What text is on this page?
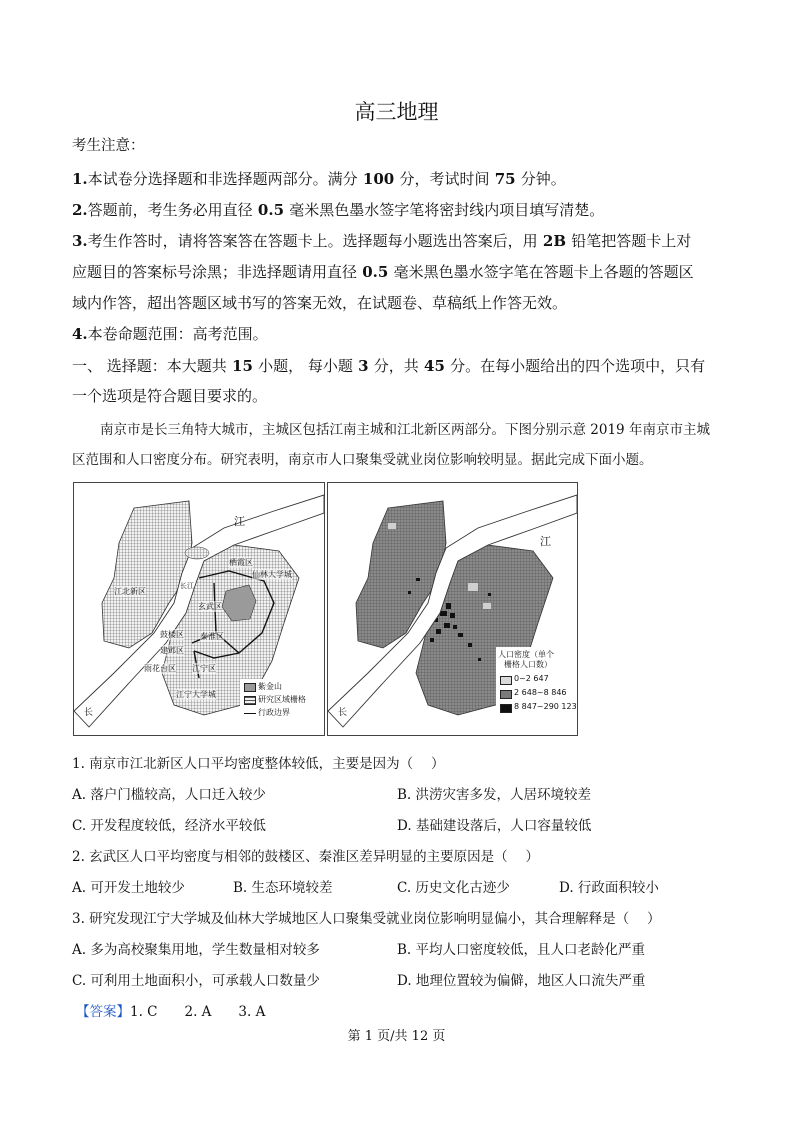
高三地理
考生注意：
1.本试卷分选择题和非选择题两部分。满分 100 分，考试时间 75 分钟。
2.答题前，考生务必用直径 0.5 毫米黑色墨水签字笔将密封线内项目填写清楚。
3.考生作答时，请将答案答在答题卡上。选择题每小题选出答案后，用 2B 铅笔把答题卡上对
应题目的答案标号涂黑；非选择题请用直径 0.5 毫米黑色墨水签字笔在答题卡上各题的答题区
域内作答，超出答题区域书写的答案无效，在试题卷、草稿纸上作答无效。
4.本卷命题范围：高考范围。
一、 选择题：本大题共 15 小题， 每小题 3 分，共 45 分。在每小题给出的四个选项中，只有
一个选项是符合题目要求的。
南京市是长三角特大城市，主城区包括江南主城和江北新区两部分。下图分别示意 2019 年南京市主城
区范围和人口密度分布。研究表明，南京市人口聚集受就业岗位影响较明显。据此完成下面小题。
江
长
江北新区
栖霞区
仙林大学城
玄武区
鼓楼区 秦淮区
建邺区
雨花台区 江宁区
江宁大学城
长江
紫金山
研究区域栅格
行政边界
江
长
人口密度（单个
栅格人口数）
0~2 647
2 648~8 846
8 847~290 123
1. 南京市江北新区人口平均密度整体较低，主要是因为（　 ）
A. 落户门槛较高，人口迁入较少	B. 洪涝灾害多发，人居环境较差
C. 开发程度较低，经济水平较低	D. 基础建设落后，人口容量较低
2. 玄武区人口平均密度与相邻的鼓楼区、秦淮区差异明显的主要原因是（　 ）
A. 可开发土地较少	B. 生态环境较差	C. 历史文化古迹少	D. 行政面积较小
3. 研究发现江宁大学城及仙林大学城地区人口聚集受就业岗位影响明显偏小，其合理解释是（　 ）
A. 多为高校聚集用地，学生数量相对较多	B. 平均人口密度较低，且人口老龄化严重
C. 可利用土地面积小，可承载人口数量少	D. 地理位置较为偏僻，地区人口流失严重
【答案】1. C　　2. A　　3. A
第 1 页/共 12 页
